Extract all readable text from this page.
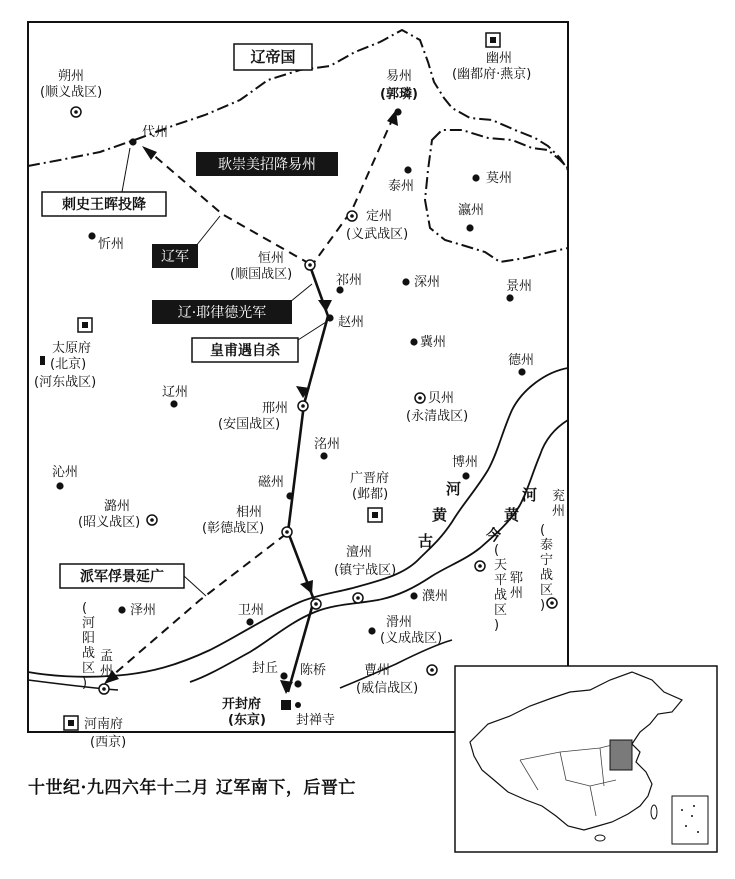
朔州
(顺义战区)
代州
忻州
太原府
(北京)
(河东战区)
辽州
沁州
潞州
(昭义战区)
泽州
河南府
(西京)
幽州
(幽都府·燕京)
易州
(郭璘)
泰州
莫州
瀛州
定州
(义武战区)
恒州
(顺国战区)	祁州	深州	景州
赵州
冀州
德州
贝州
(永清战区)
邢州
(安国战区)
洺州
广晋府
(邺都)
博州
磁州
相州
(彰德战区)
澶州
(镇宁战区)
濮州
卫州
滑州
(义成战区)
曹州
(威信战区)
封丘 陈桥
开封府
(东京) 封禅寺
孟州
(河阳战区)
郓州
(天平战区)
兖州
(泰宁战区)
古黄河
今黄河
辽帝国
耿崇美招降易州
刺史王晖投降
辽军
辽·耶律德光军
皇甫遇自杀
派军俘景延广
十世纪·九四六年十二月 辽军南下，后晋亡
